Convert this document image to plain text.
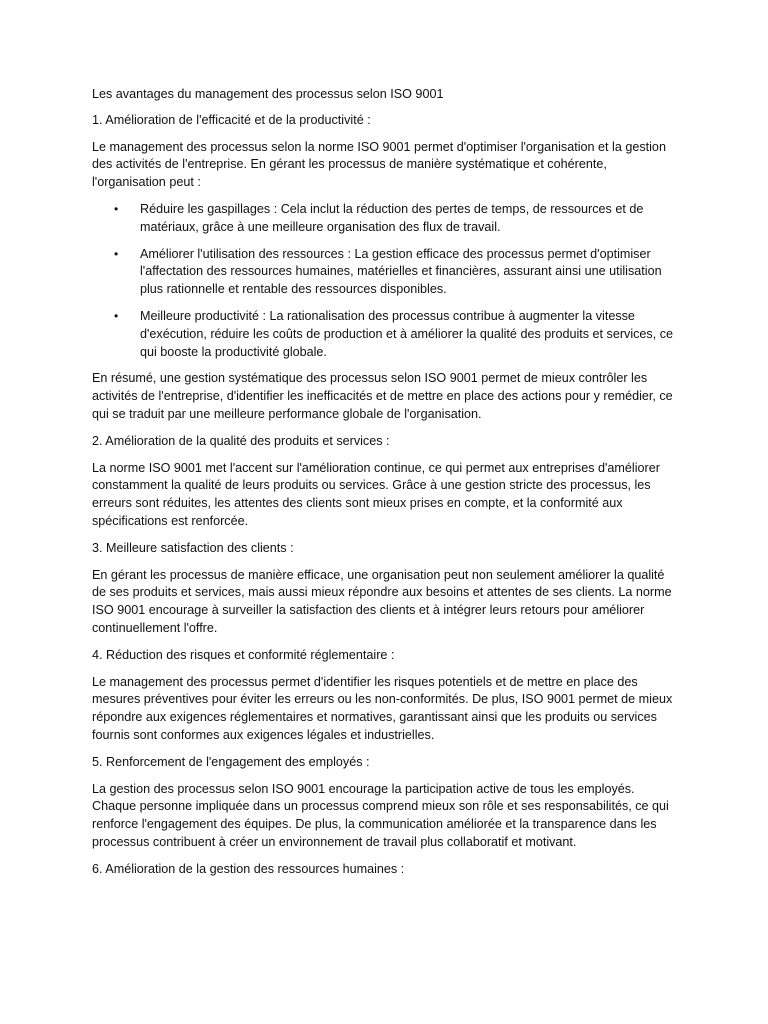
Les avantages du management des processus selon ISO 9001

1. Amélioration de l'efficacité et de la productivité :

Le management des processus selon la norme ISO 9001 permet d'optimiser l'organisation et la gestion des activités de l'entreprise. En gérant les processus de manière systématique et cohérente, l'organisation peut :

• Réduire les gaspillages : Cela inclut la réduction des pertes de temps, de ressources et de matériaux, grâce à une meilleure organisation des flux de travail.
• Améliorer l'utilisation des ressources : La gestion efficace des processus permet d'optimiser l'affectation des ressources humaines, matérielles et financières, assurant ainsi une utilisation plus rationnelle et rentable des ressources disponibles.
• Meilleure productivité : La rationalisation des processus contribue à augmenter la vitesse d'exécution, réduire les coûts de production et à améliorer la qualité des produits et services, ce qui booste la productivité globale.

En résumé, une gestion systématique des processus selon ISO 9001 permet de mieux contrôler les activités de l'entreprise, d'identifier les inefficacités et de mettre en place des actions pour y remédier, ce qui se traduit par une meilleure performance globale de l'organisation.

2. Amélioration de la qualité des produits et services :

La norme ISO 9001 met l'accent sur l'amélioration continue, ce qui permet aux entreprises d'améliorer constamment la qualité de leurs produits ou services. Grâce à une gestion stricte des processus, les erreurs sont réduites, les attentes des clients sont mieux prises en compte, et la conformité aux spécifications est renforcée.

3. Meilleure satisfaction des clients :

En gérant les processus de manière efficace, une organisation peut non seulement améliorer la qualité de ses produits et services, mais aussi mieux répondre aux besoins et attentes de ses clients. La norme ISO 9001 encourage à surveiller la satisfaction des clients et à intégrer leurs retours pour améliorer continuellement l'offre.

4. Réduction des risques et conformité réglementaire :

Le management des processus permet d'identifier les risques potentiels et de mettre en place des mesures préventives pour éviter les erreurs ou les non-conformités. De plus, ISO 9001 permet de mieux répondre aux exigences réglementaires et normatives, garantissant ainsi que les produits ou services fournis sont conformes aux exigences légales et industrielles.

5. Renforcement de l'engagement des employés :

La gestion des processus selon ISO 9001 encourage la participation active de tous les employés. Chaque personne impliquée dans un processus comprend mieux son rôle et ses responsabilités, ce qui renforce l'engagement des équipes. De plus, la communication améliorée et la transparence dans les processus contribuent à créer un environnement de travail plus collaboratif et motivant.

6. Amélioration de la gestion des ressources humaines :
